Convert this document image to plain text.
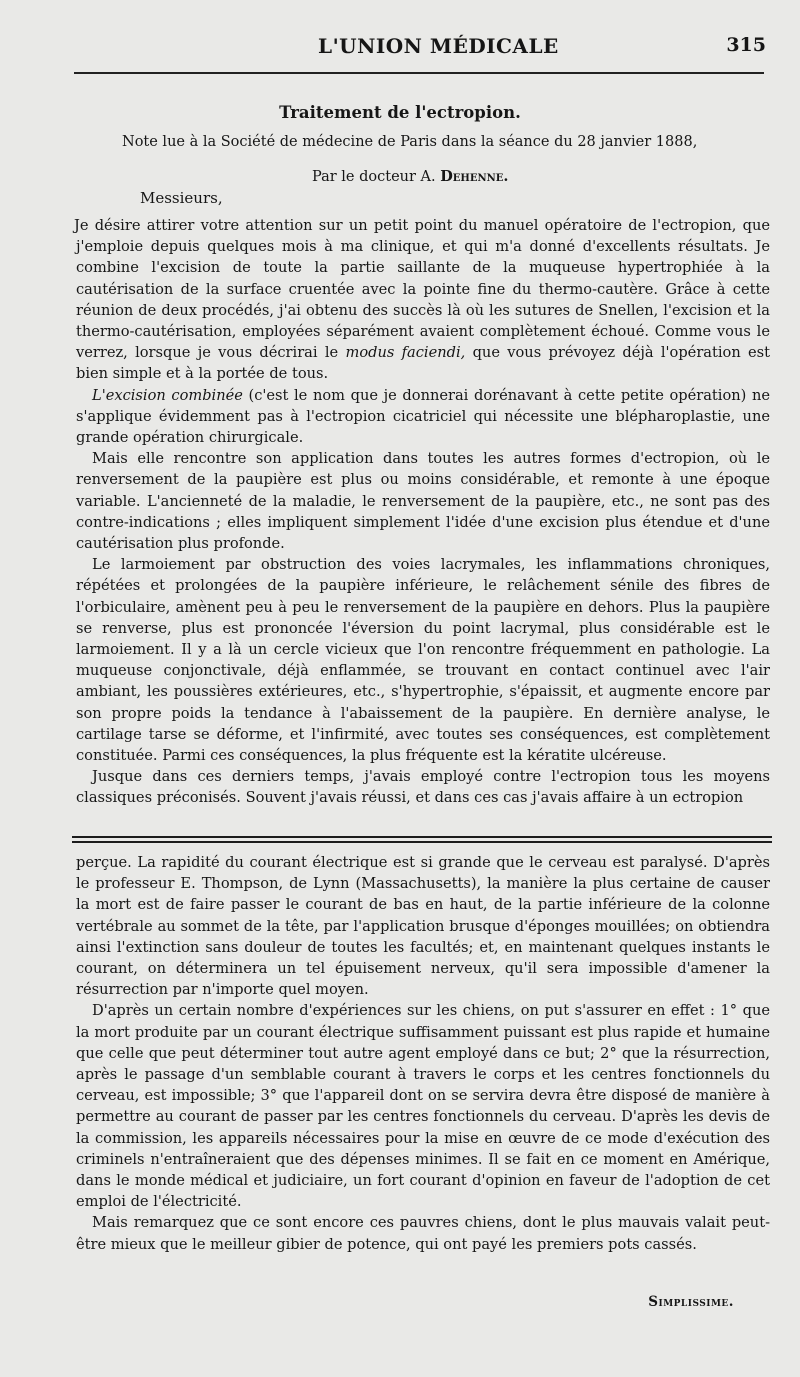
L'UNION MÉDICALE	315
Traitement de l'ectropion.
Note lue à la Société de médecine de Paris dans la séance du 28 janvier 1888,
Par le docteur A. Dehenne.
Messieurs,

Je désire attirer votre attention sur un petit point du manuel opératoire de l'ectropion, que j'emploie depuis quelques mois à ma clinique, et qui m'a donné d'excellents résultats. Je combine l'excision de toute la partie saillante de la muqueuse hypertrophiée à la cautérisation de la surface cruentée avec la pointe fine du thermo-cautère. Grâce à cette réunion de deux procédés, j'ai obtenu des succès là où les sutures de Snellen, l'excision et la thermo-cautérisation, employées séparément avaient complètement échoué. Comme vous le verrez, lorsque je vous décrirai le modus faciendi, que vous prévoyez déjà l'opération est bien simple et à la portée de tous.

L'excision combinée (c'est le nom que je donnerai dorénavant à cette petite opération) ne s'applique évidemment pas à l'ectropion cicatriciel qui nécessite une blépharoplastie, une grande opération chirurgicale.

Mais elle rencontre son application dans toutes les autres formes d'ectropion, où le renversement de la paupière est plus ou moins considérable, et remonte à une époque variable. L'ancienneté de la maladie, le renversement de la paupière, etc., ne sont pas des contre-indications ; elles impliquent simplement l'idée d'une excision plus étendue et d'une cautérisation plus profonde.

Le larmoiement par obstruction des voies lacrymales, les inflammations chroniques, répétées et prolongées de la paupière inférieure, le relâchement sénile des fibres de l'orbiculaire, amènent peu à peu le renversement de la paupière en dehors. Plus la paupière se renverse, plus est prononcée l'éversion du point lacrymal, plus considérable est le larmoiement. Il y a là un cercle vicieux que l'on rencontre fréquemment en pathologie. La muqueuse conjonctivale, déjà enflammée, se trouvant en contact continuel avec l'air ambiant, les poussières extérieures, etc., s'hypertrophie, s'épaissit, et augmente encore par son propre poids la tendance à l'abaissement de la paupière. En dernière analyse, le cartilage tarse se déforme, et l'infirmité, avec toutes ses conséquences, est complètement constituée. Parmi ces conséquences, la plus fréquente est la kératite ulcéreuse.

Jusque dans ces derniers temps, j'avais employé contre l'ectropion tous les moyens classiques préconisés. Souvent j'avais réussi, et dans ces cas j'avais affaire à un ectropion

perçue. La rapidité du courant électrique est si grande que le cerveau est paralysé. D'après le professeur E. Thompson, de Lynn (Massachusetts), la manière la plus certaine de causer la mort est de faire passer le courant de bas en haut, de la partie inférieure de la colonne vertébrale au sommet de la tête, par l'application brusque d'éponges mouillées; on obtiendra ainsi l'extinction sans douleur de toutes les facultés; et, en maintenant quelques instants le courant, on déterminera un tel épuisement nerveux, qu'il sera impossible d'amener la résurrection par n'importe quel moyen.

D'après un certain nombre d'expériences sur les chiens, on put s'assurer en effet : 1° que la mort produite par un courant électrique suffisamment puissant est plus rapide et humaine que celle que peut déterminer tout autre agent employé dans ce but; 2° que la résurrection, après le passage d'un semblable courant à travers le corps et les centres fonctionnels du cerveau, est impossible; 3° que l'appareil dont on se servira devra être disposé de manière à permettre au courant de passer par les centres fonctionnels du cerveau. D'après les devis de la commission, les appareils nécessaires pour la mise en œuvre de ce mode d'exécution des criminels n'entraîneraient que des dépenses minimes. Il se fait en ce moment en Amérique, dans le monde médical et judiciaire, un fort courant d'opinion en faveur de l'adoption de cet emploi de l'électricité.

Mais remarquez que ce sont encore ces pauvres chiens, dont le plus mauvais valait peut-être mieux que le meilleur gibier de potence, qui ont payé les premiers pots cassés.

Simplissime.
